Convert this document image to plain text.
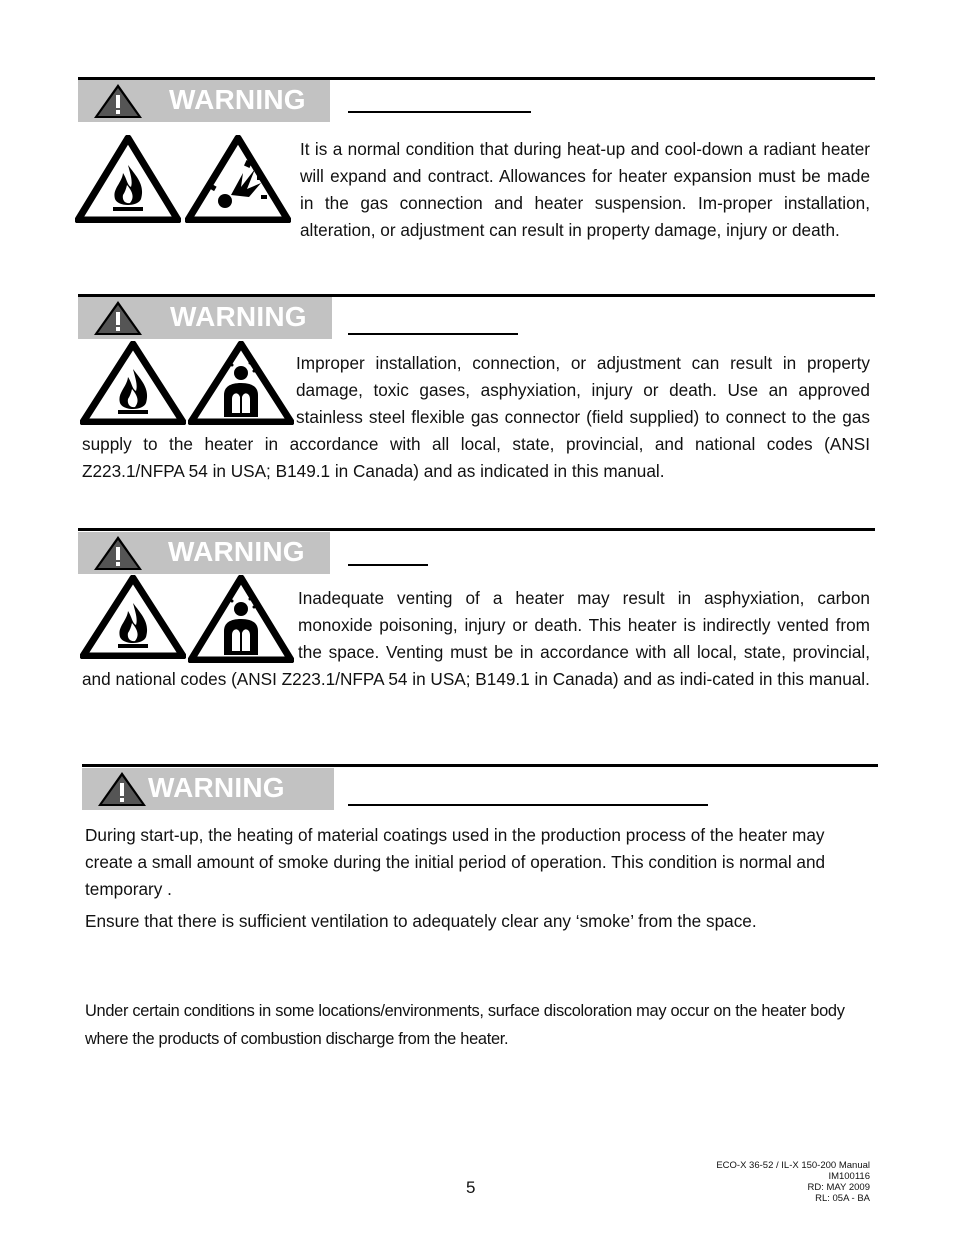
WARNING

It is a normal condition that during heat-up and cool-down a radiant heater will expand and contract. Allowances for heater expansion must be made in the gas connection and heater suspension. Im-proper installation, alteration, or adjustment can result in property damage, injury or death.

WARNING
Improper installation, connection, or adjustment can result in property damage, toxic gases, asphyxiation, injury or death. Use an approved stainless steel flexible gas connector (field supplied) to connect to the gas supply to the heater in accordance with all local, state, provincial, and national codes (ANSI Z223.1/NFPA 54 in USA; B149.1 in Canada) and as indicated in this manual.
WARNING
Inadequate venting of a heater may result in asphyxiation, carbon monoxide poisoning, injury or death. This heater is indirectly vented from the space. Venting must be in accordance with all local, state, provincial, and national codes (ANSI Z223.1/NFPA 54 in USA; B149.1 in Canada) and as indi-cated in this manual.
WARNING

During start-up, the heating of material coatings used in the production process of the heater may create a small amount of smoke during the initial period of operation. This condition is normal and temporary .

Ensure that there is sufficient ventilation to adequately clear any ‘smoke’ from the space.

Under certain conditions in some locations/environments, surface discoloration may occur on the heater body where the products of combustion discharge from the heater.

5
ECO-X 36-52 / IL-X 150-200 Manual
IM100116
RD: MAY 2009
RL: 05A - BA
